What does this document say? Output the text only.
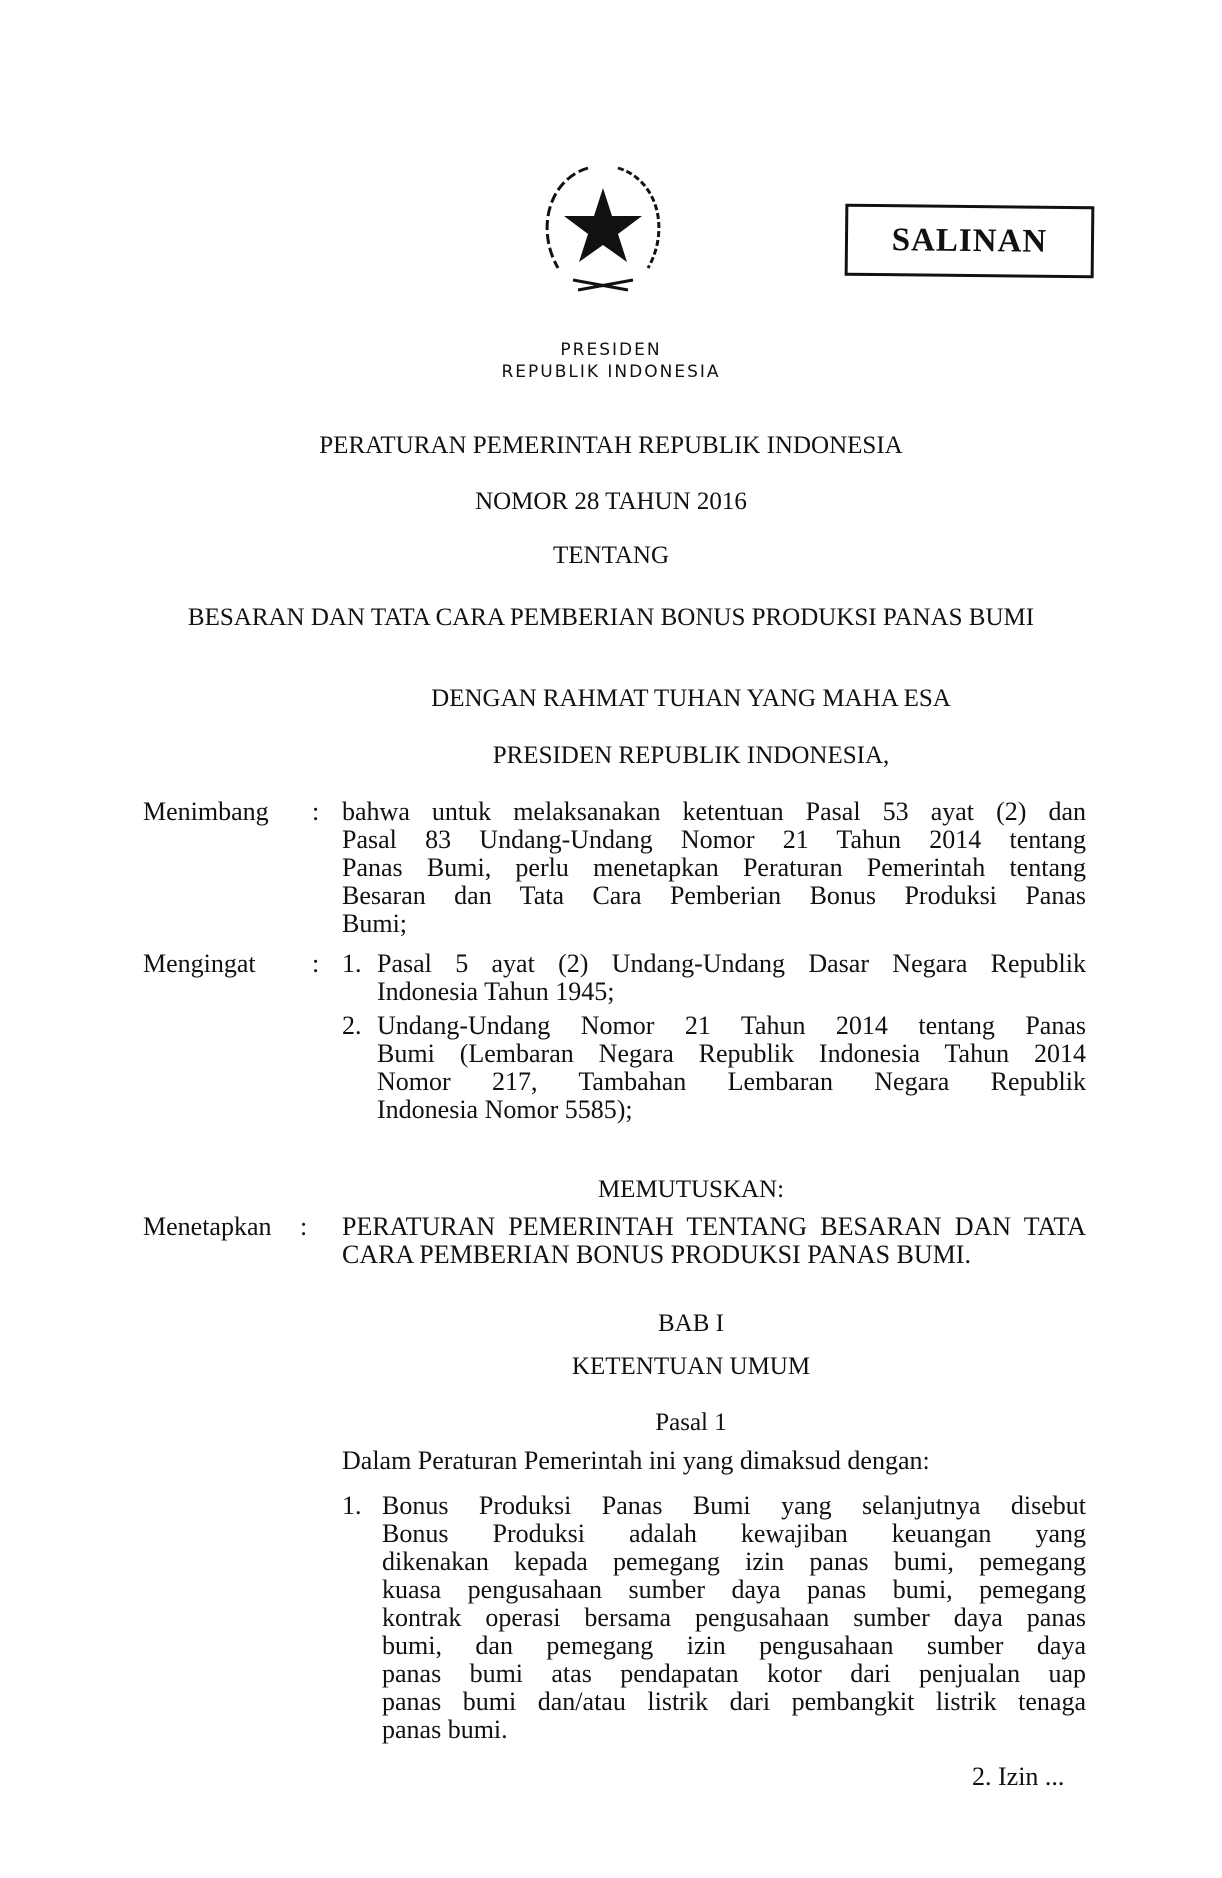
SALINAN
PRESIDEN
REPUBLIK INDONESIA
PERATURAN PEMERINTAH REPUBLIK INDONESIA
NOMOR 28 TAHUN 2016
TENTANG
BESARAN DAN TATA CARA PEMBERIAN BONUS PRODUKSI PANAS BUMI
DENGAN RAHMAT TUHAN YANG MAHA ESA
PRESIDEN REPUBLIK INDONESIA,
Menimbang : bahwa untuk melaksanakan ketentuan Pasal 53 ayat (2) dan
Pasal 83 Undang-Undang Nomor 21 Tahun 2014 tentang
Panas Bumi, perlu menetapkan Peraturan Pemerintah tentang
Besaran dan Tata Cara Pemberian Bonus Produksi Panas
Bumi;
Mengingat : 1. Pasal 5 ayat (2) Undang-Undang Dasar Negara Republik
Indonesia Tahun 1945;
2. Undang-Undang Nomor 21 Tahun 2014 tentang Panas
Bumi (Lembaran Negara Republik Indonesia Tahun 2014
Nomor 217, Tambahan Lembaran Negara Republik
Indonesia Nomor 5585);
MEMUTUSKAN:
Menetapkan : PERATURAN PEMERINTAH TENTANG BESARAN DAN TATA
CARA PEMBERIAN BONUS PRODUKSI PANAS BUMI.
BAB I
KETENTUAN UMUM
Pasal 1
Dalam Peraturan Pemerintah ini yang dimaksud dengan:
1. Bonus Produksi Panas Bumi yang selanjutnya disebut
Bonus Produksi adalah kewajiban keuangan yang
dikenakan kepada pemegang izin panas bumi, pemegang
kuasa pengusahaan sumber daya panas bumi, pemegang
kontrak operasi bersama pengusahaan sumber daya panas
bumi, dan pemegang izin pengusahaan sumber daya
panas bumi atas pendapatan kotor dari penjualan uap
panas bumi dan/atau listrik dari pembangkit listrik tenaga
panas bumi.
2. Izin ...
